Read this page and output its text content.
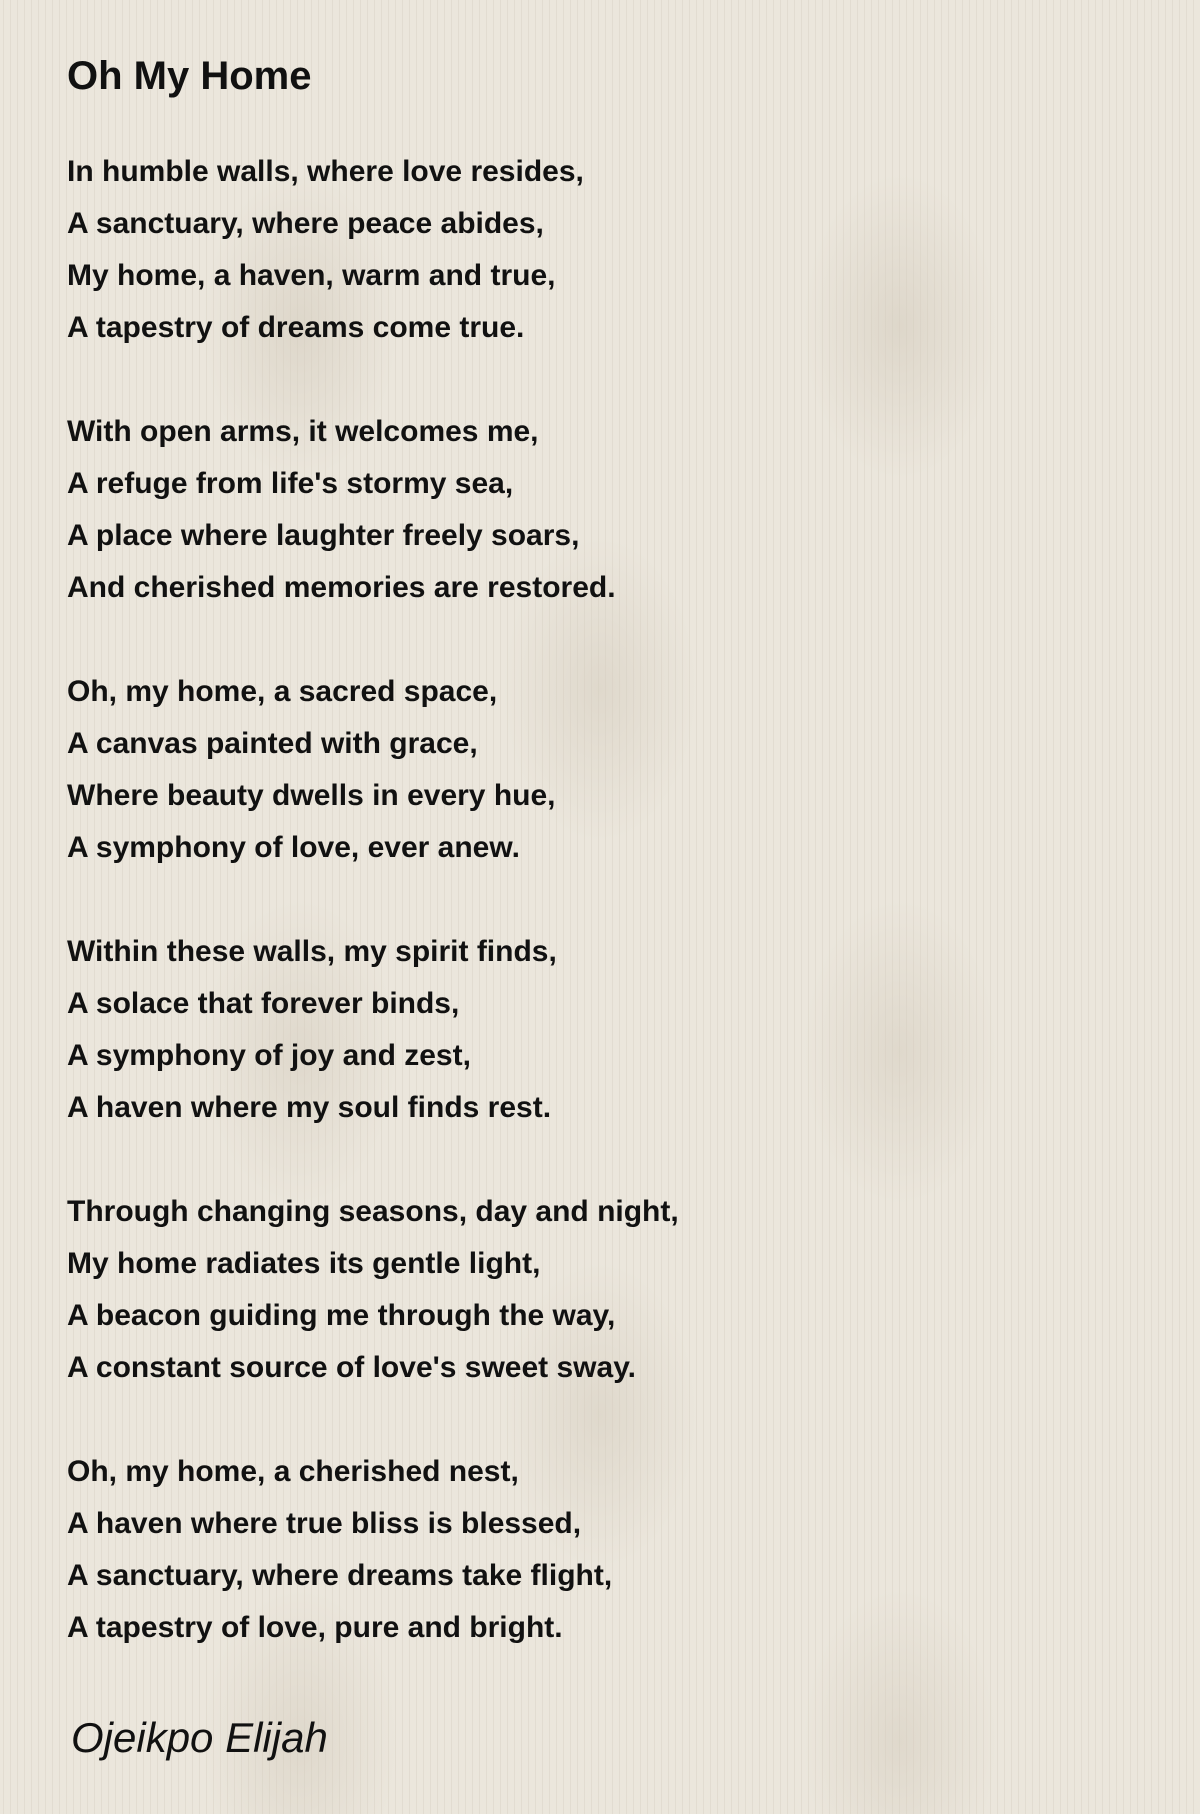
Oh My Home
In humble walls, where love resides,
A sanctuary, where peace abides,
My home, a haven, warm and true,
A tapestry of dreams come true.
With open arms, it welcomes me,
A refuge from life's stormy sea,
A place where laughter freely soars,
And cherished memories are restored.
Oh, my home, a sacred space,
A canvas painted with grace,
Where beauty dwells in every hue,
A symphony of love, ever anew.
Within these walls, my spirit finds,
A solace that forever binds,
A symphony of joy and zest,
A haven where my soul finds rest.
Through changing seasons, day and night,
My home radiates its gentle light,
A beacon guiding me through the way,
A constant source of love's sweet sway.
Oh, my home, a cherished nest,
A haven where true bliss is blessed,
A sanctuary, where dreams take flight,
A tapestry of love, pure and bright.

Ojeikpo Elijah
